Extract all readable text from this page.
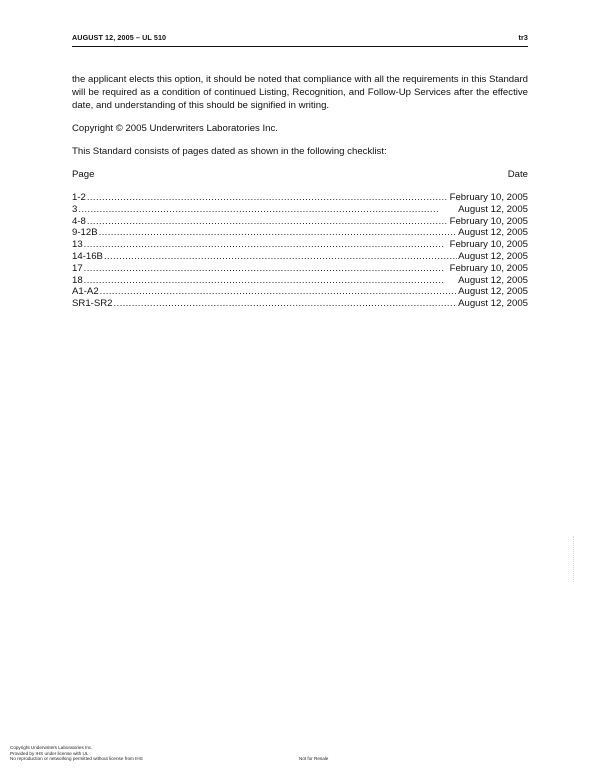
AUGUST 12, 2005 – UL 510	tr3

the applicant elects this option, it should be noted that compliance with all the requirements in this Standard will be required as a condition of continued Listing, Recognition, and Follow-Up Services after the effective date, and understanding of this should be signified in writing.

Copyright © 2005 Underwriters Laboratories Inc.

This Standard consists of pages dated as shown in the following checklist:

Page	Date
1-2 . . .	February 10, 2005
3 . . .	August 12, 2005
4-8 . . .	February 10, 2005
9-12B . . .	August 12, 2005
13 . . .	February 10, 2005
14-16B . . .	August 12, 2005
17 . . .	February 10, 2005
18 . . .	August 12, 2005
A1-A2 . . .	August 12, 2005
SR1-SR2 . . .	August 12, 2005
Copyright Underwriters Laboratories Inc.
Provided by IHS under license with UL
No reproduction or networking permitted without license from IHS	Not for Resale
